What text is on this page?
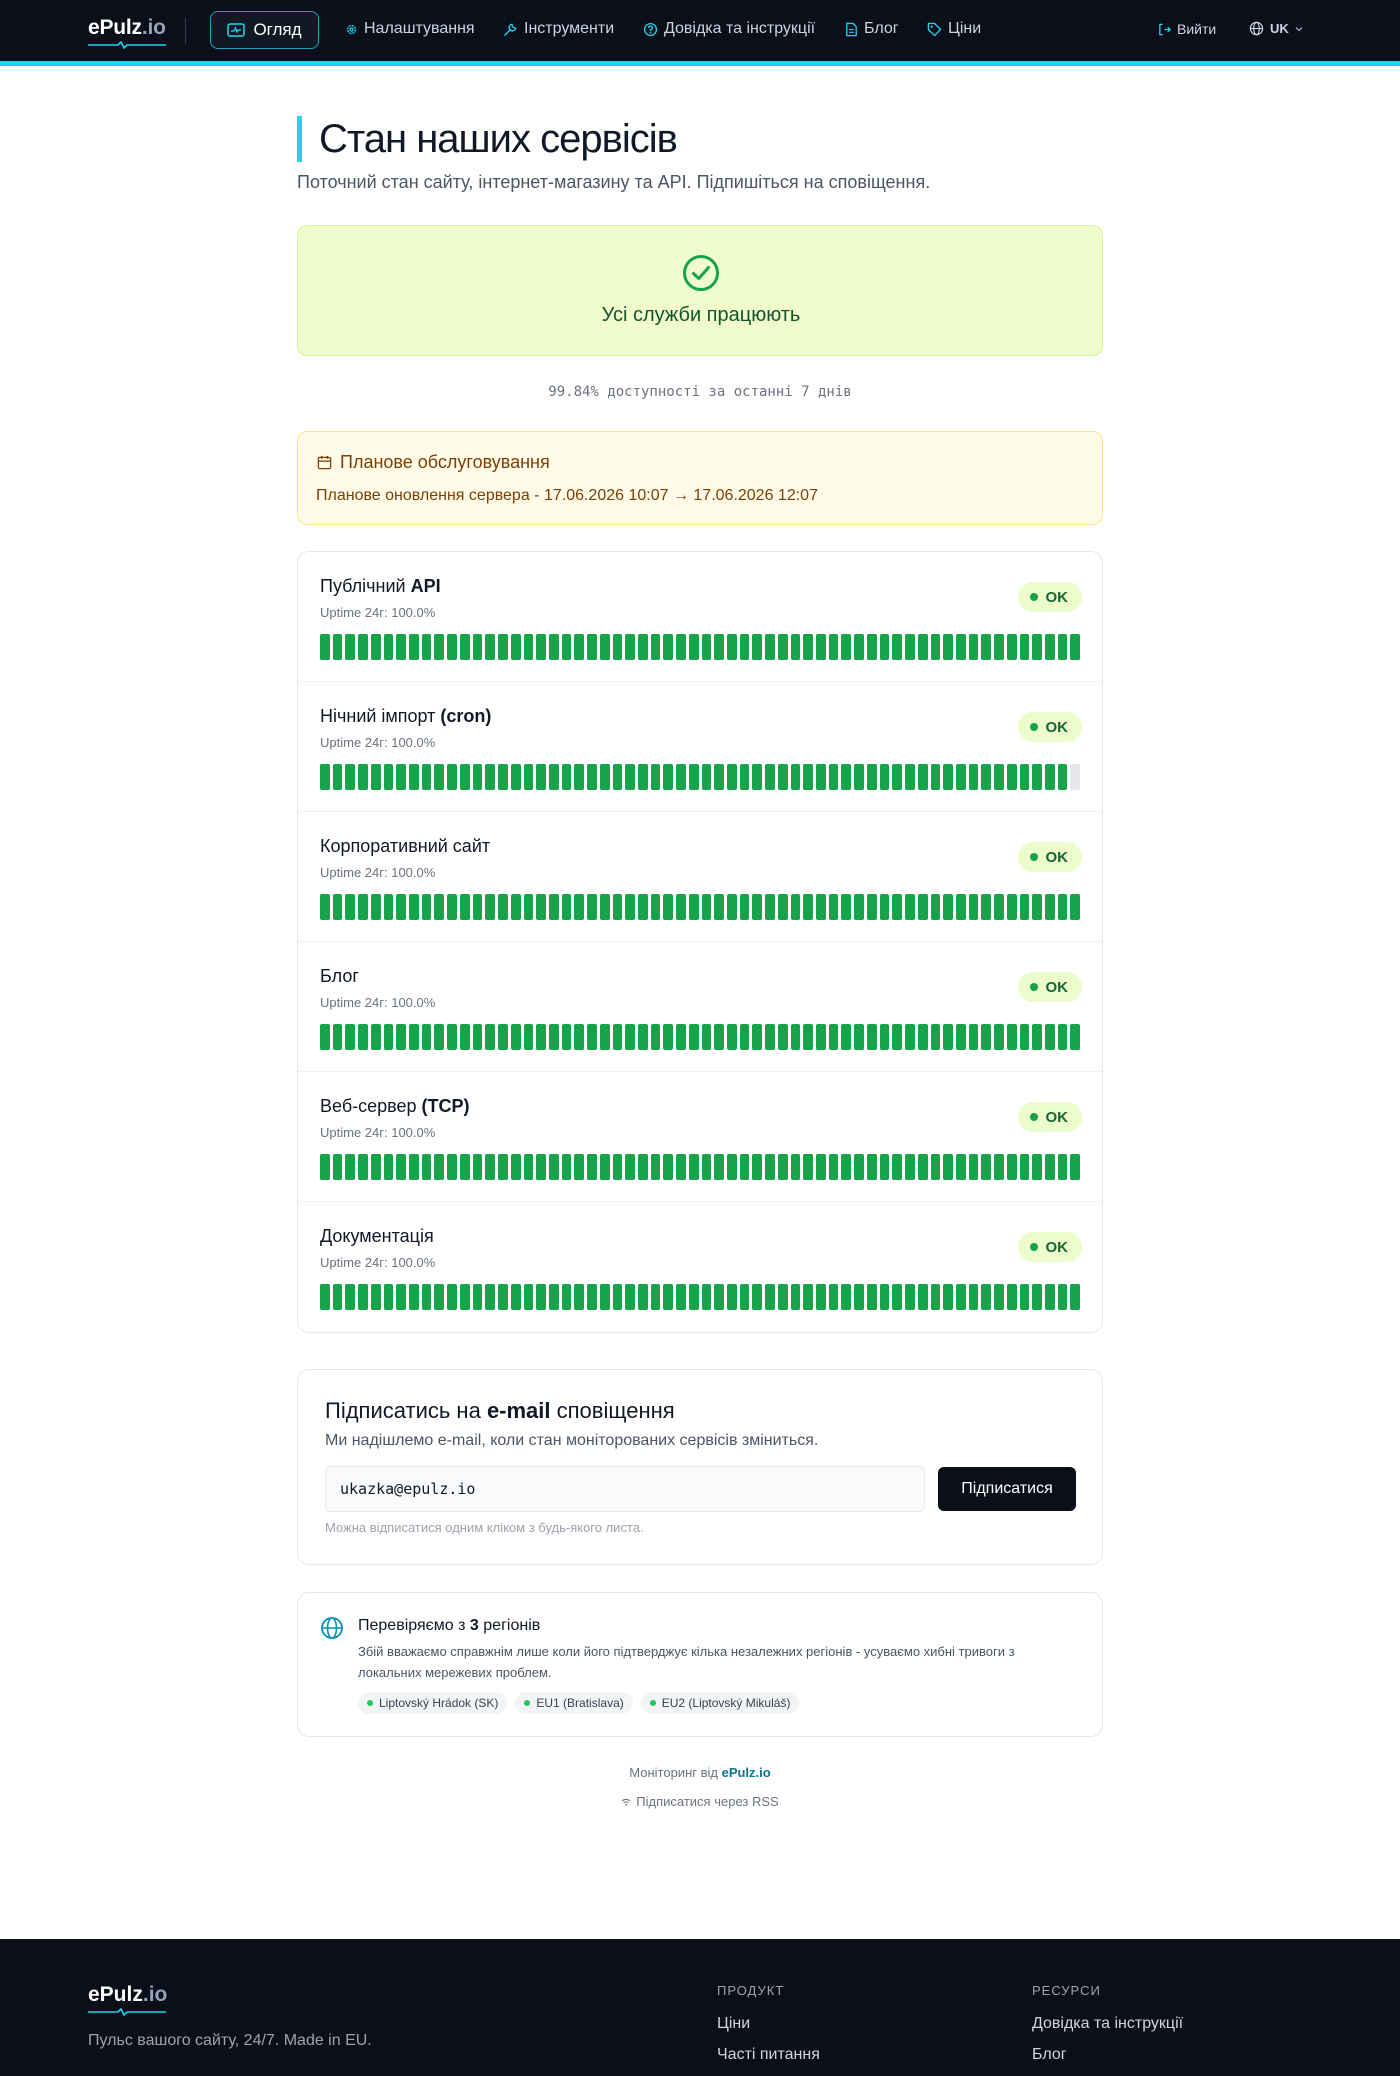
ePulz.io	Огляд	Налаштування	Інструменти	Довідка та інструкції	Блог	Ціни	Вийти	UK
Стан наших сервісів

Поточний стан сайту, інтернет-магазину та API. Підпишіться на сповіщення.

Усі служби працюють
99.84% доступності за останні 7 днів
Планове обслуговування
Планове оновлення сервера - 17.06.2026 10:07 → 17.06.2026 12:07
Публічний API
Uptime 24г: 100.0%
OK
Нічний імпорт (cron)
Uptime 24г: 100.0%
OK
Корпоративний сайт
Uptime 24г: 100.0%
OK
Блог
Uptime 24г: 100.0%
OK
Веб-сервер (TCP)
Uptime 24г: 100.0%
OK
Документація
Uptime 24г: 100.0%
OK
Підписатись на e-mail сповіщення
Ми надішлемо e-mail, коли стан моніторованих сервісів зміниться.
ukazka@epulz.io
Підписатися
Можна відписатися одним кліком з будь-якого листа.
Перевіряємо з 3 регіонів
Збій вважаємо справжнім лише коли його підтверджує кілька незалежних регіонів - усуваємо хибні тривоги з локальних мережевих проблем.
Liptovský Hrádok (SK)	EU1 (Bratislava)	EU2 (Liptovský Mikuláš)
Моніторинг від ePulz.io
Підписатися через RSS
ePulz.io
Пульс вашого сайту, 24/7. Made in EU.
ПРОДУКТ
Ціни
Часті питання
РЕСУРСИ
Довідка та інструкції
Блог
